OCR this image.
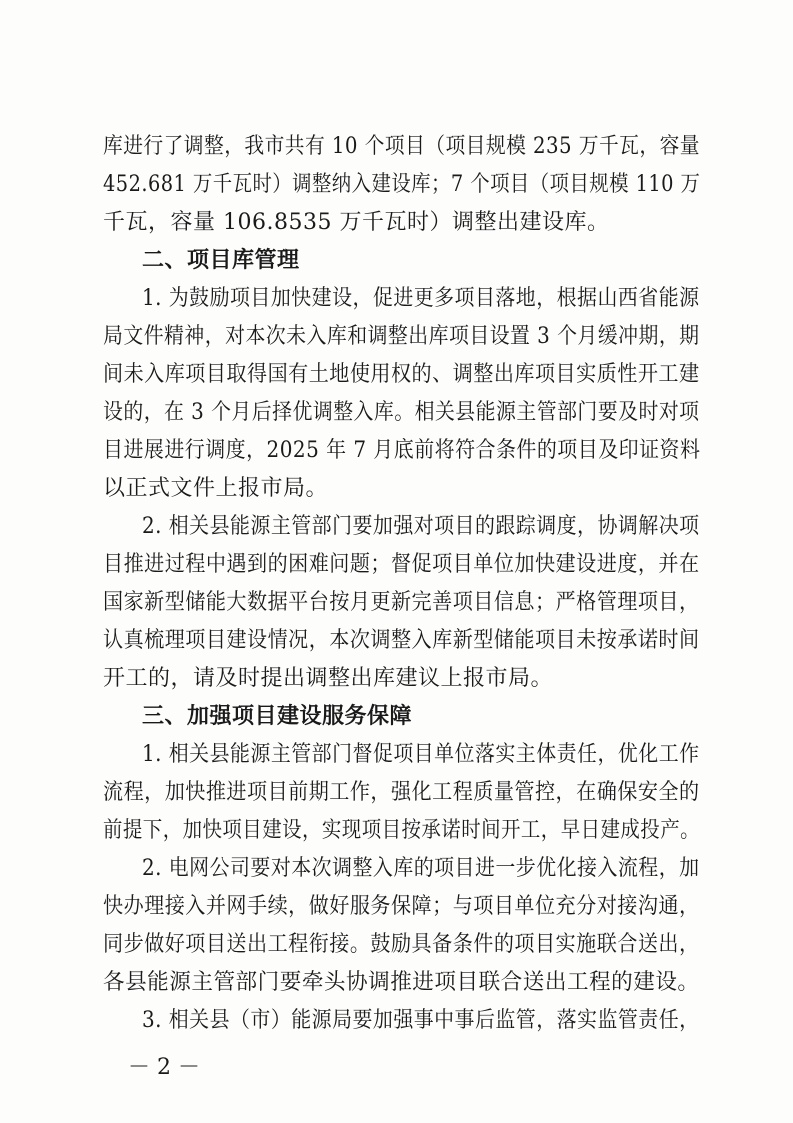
库进行了调整，我市共有 10 个项目（项目规模 235 万千瓦，容量
452.681 万千瓦时）调整纳入建设库；7 个项目（项目规模 110 万
千瓦，容量 106.8535 万千瓦时）调整出建设库。
二、项目库管理
1. 为鼓励项目加快建设，促进更多项目落地，根据山西省能源
局文件精神，对本次未入库和调整出库项目设置 3 个月缓冲期，期
间未入库项目取得国有土地使用权的、调整出库项目实质性开工建
设的，在 3 个月后择优调整入库。相关县能源主管部门要及时对项
目进展进行调度，2025 年 7 月底前将符合条件的项目及印证资料
以正式文件上报市局。
2. 相关县能源主管部门要加强对项目的跟踪调度，协调解决项
目推进过程中遇到的困难问题；督促项目单位加快建设进度，并在
国家新型储能大数据平台按月更新完善项目信息；严格管理项目，
认真梳理项目建设情况，本次调整入库新型储能项目未按承诺时间
开工的，请及时提出调整出库建议上报市局。
三、加强项目建设服务保障
1. 相关县能源主管部门督促项目单位落实主体责任，优化工作
流程，加快推进项目前期工作，强化工程质量管控，在确保安全的
前提下，加快项目建设，实现项目按承诺时间开工，早日建成投产。
2. 电网公司要对本次调整入库的项目进一步优化接入流程，加
快办理接入并网手续，做好服务保障；与项目单位充分对接沟通，
同步做好项目送出工程衔接。鼓励具备条件的项目实施联合送出，
各县能源主管部门要牵头协调推进项目联合送出工程的建设。
3. 相关县（市）能源局要加强事中事后监管，落实监管责任，
－ 2 －
